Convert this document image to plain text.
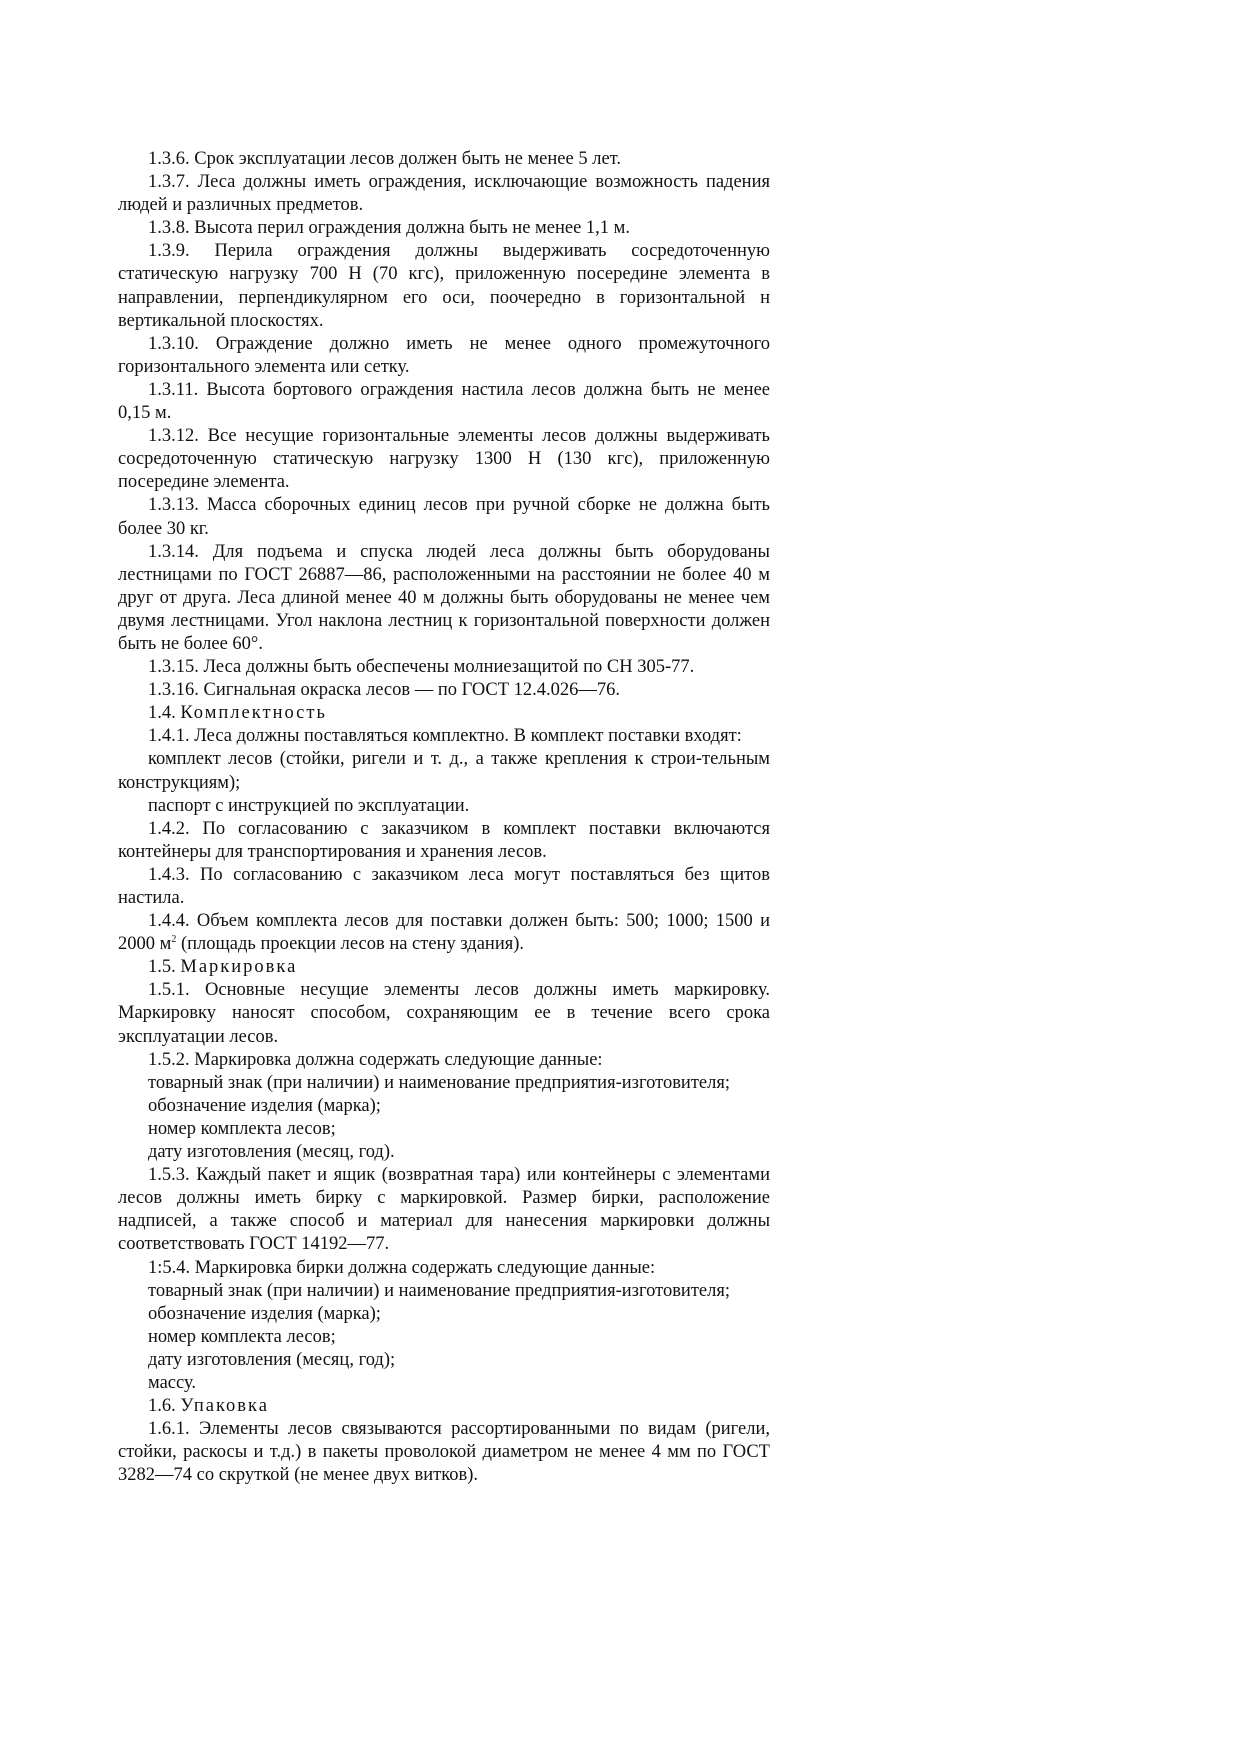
1.3.6. Срок эксплуатации лесов должен быть не менее 5 лет.

1.3.7. Леса должны иметь ограждения, исключающие возможность падения людей и различных предметов.

1.3.8. Высота перил ограждения должна быть не менее 1,1 м.

1.3.9. Перила ограждения должны выдерживать сосредоточенную статическую нагрузку 700 Н (70 кгс), приложенную посередине элемента в направлении, перпендикулярном его оси, поочередно в горизонтальной н вертикальной плоскостях.

1.3.10. Ограждение должно иметь не менее одного промежуточного горизонтального элемента или сетку.

1.3.11. Высота бортового ограждения настила лесов должна быть не менее 0,15 м.

1.3.12. Все несущие горизонтальные элементы лесов должны выдерживать сосредоточенную статическую нагрузку 1300 Н (130 кгс), приложенную посередине элемента.

1.3.13. Масса сборочных единиц лесов при ручной сборке не должна быть более 30 кг.

1.3.14. Для подъема и спуска людей леса должны быть оборудованы лестницами по ГОСТ 26887—86, расположенными на расстоянии не более 40 м друг от друга. Леса длиной менее 40 м должны быть оборудованы не менее чем двумя лестницами. Угол наклона лестниц к горизонтальной поверхности должен быть не более 60°.

1.3.15. Леса должны быть обеспечены молниезащитой по СН 305-77.

1.3.16. Сигнальная окраска лесов — по ГОСТ 12.4.026—76.

1.4. Комплектность

1.4.1. Леса должны поставляться комплектно. В комплект поставки входят:

комплект лесов (стойки, ригели и т. д., а также крепления к строи-тельным конструкциям);

паспорт с инструкцией по эксплуатации.

1.4.2. По согласованию с заказчиком в комплект поставки включаются контейнеры для транспортирования и хранения лесов.

1.4.3. По согласованию с заказчиком леса могут поставляться без щитов настила.

1.4.4. Объем комплекта лесов для поставки должен быть: 500; 1000; 1500 и 2000 $м^2$ (площадь проекции лесов на стену здания).

1.5. Маркировка

1.5.1. Основные несущие элементы лесов должны иметь маркировку. Маркировку наносят способом, сохраняющим ее в течение всего срока эксплуатации лесов.

1.5.2. Маркировка должна содержать следующие данные:

товарный знак (при наличии) и наименование предприятия-изготовителя;

обозначение изделия (марка);

номер комплекта лесов;

дату изготовления (месяц, год).

1.5.3. Каждый пакет и ящик (возвратная тара) или контейнеры с элементами лесов должны иметь бирку с маркировкой. Размер бирки, расположение надписей, а также способ и материал для нанесения маркировки должны соответствовать ГОСТ 14192—77.

1:5.4. Маркировка бирки должна содержать следующие данные:

товарный знак (при наличии) и наименование предприятия-изготовителя;

обозначение изделия (марка);

номер комплекта лесов;

дату изготовления (месяц, год);

массу.

1.6. Упаковка

1.6.1. Элементы лесов связываются рассортированными по видам (ригели, стойки, раскосы и т.д.) в пакеты проволокой диаметром не менее 4 мм по ГОСТ 3282—74 со скруткой (не менее двух витков).
